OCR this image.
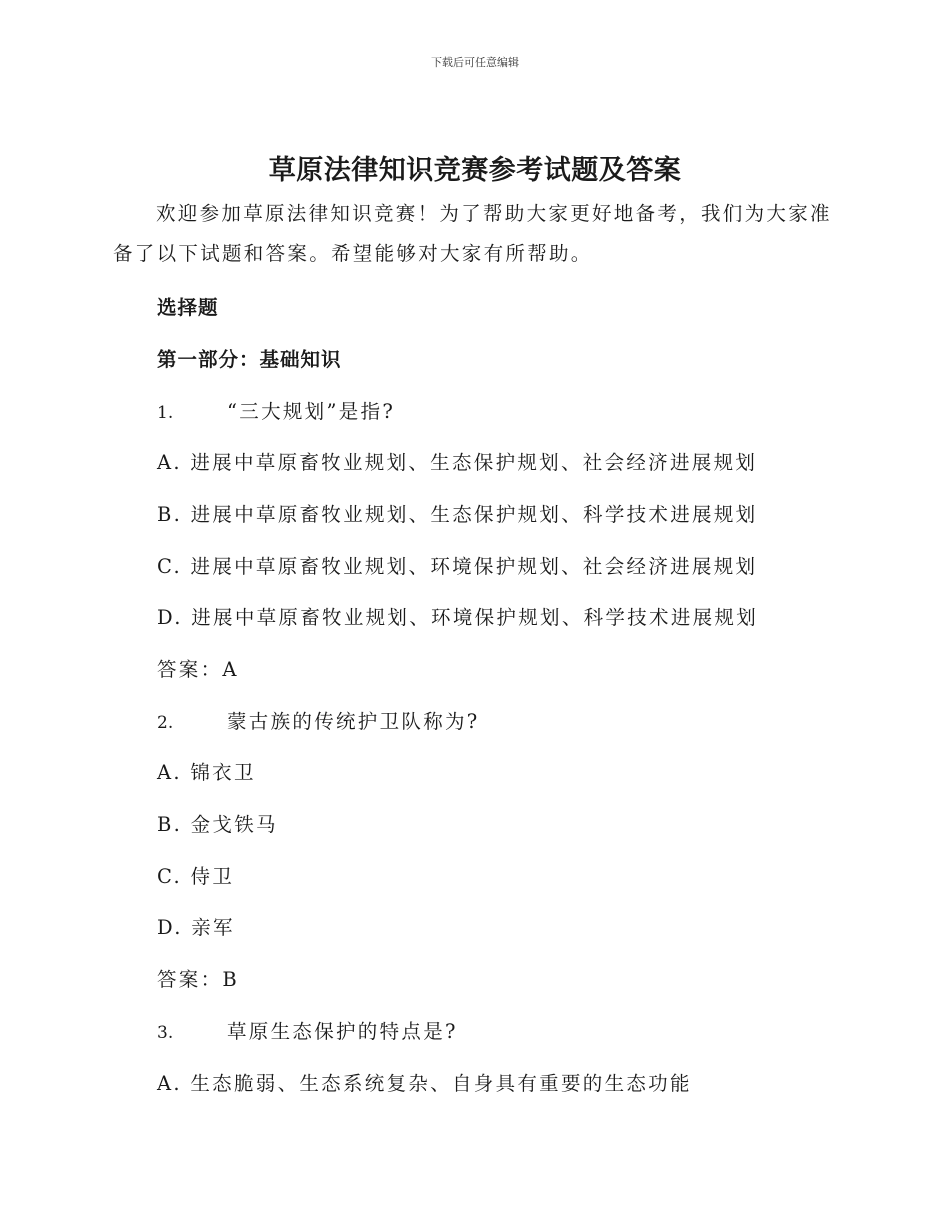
下载后可任意编辑
草原法律知识竞赛参考试题及答案

欢迎参加草原法律知识竞赛！为了帮助大家更好地备考，我们为大家准备了以下试题和答案。希望能够对大家有所帮助。

选择题
第一部分：基础知识
1.	“三大规划”是指?
A. 进展中草原畜牧业规划、生态保护规划、社会经济进展规划
B. 进展中草原畜牧业规划、生态保护规划、科学技术进展规划
C. 进展中草原畜牧业规划、环境保护规划、社会经济进展规划
D. 进展中草原畜牧业规划、环境保护规划、科学技术进展规划
答案：A
2.	蒙古族的传统护卫队称为?
A. 锦衣卫
B. 金戈铁马
C. 侍卫
D. 亲军
答案：B
3.	草原生态保护的特点是?
A. 生态脆弱、生态系统复杂、自身具有重要的生态功能
